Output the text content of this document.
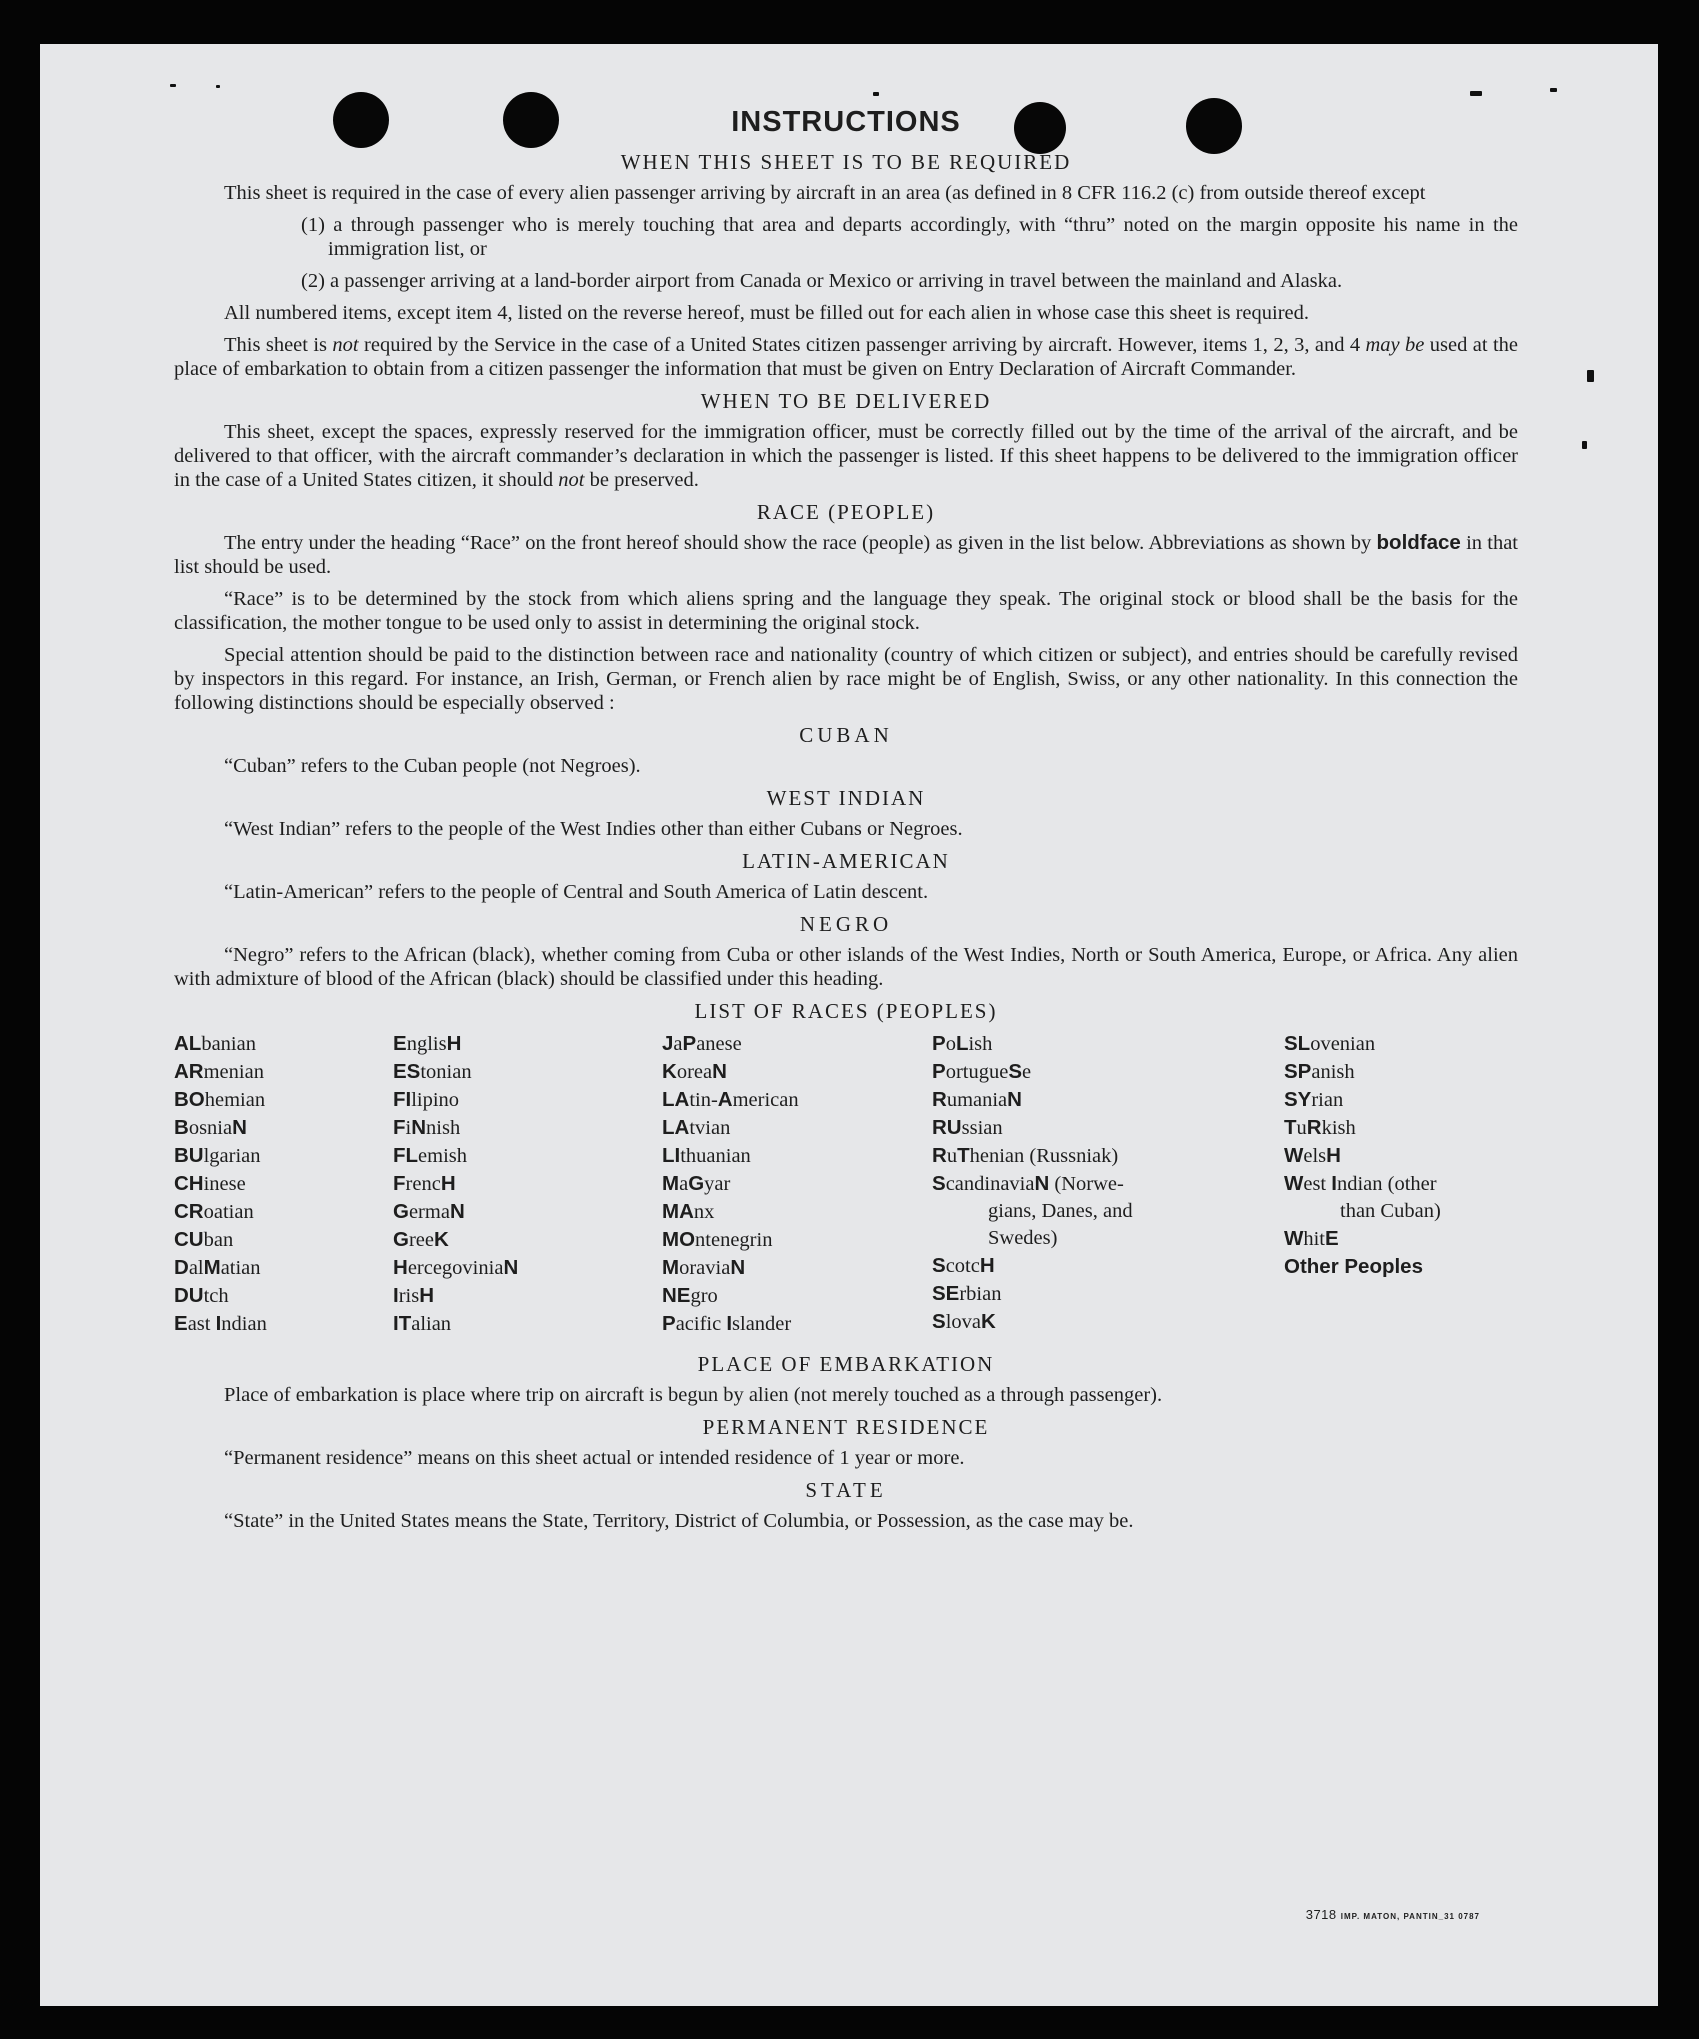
INSTRUCTIONS
WHEN THIS SHEET IS TO BE REQUIRED

This sheet is required in the case of every alien passenger arriving by aircraft in an area (as defined in 8 CFR 116.2 (c) from outside thereof except

(1) a through passenger who is merely touching that area and departs accordingly, with “thru” noted on the margin opposite his name in the immigration list, or

(2) a passenger arriving at a land-border airport from Canada or Mexico or arriving in travel between the mainland and Alaska.

All numbered items, except item 4, listed on the reverse hereof, must be filled out for each alien in whose case this sheet is required.

This sheet is not required by the Service in the case of a United States citizen passenger arriving by aircraft. However, items 1, 2, 3, and 4 may be used at the place of embarkation to obtain from a citizen passenger the information that must be given on Entry Declaration of Aircraft Commander.

WHEN TO BE DELIVERED

This sheet, except the spaces, expressly reserved for the immigration officer, must be correctly filled out by the time of the arrival of the aircraft, and be delivered to that officer, with the aircraft commander’s declaration in which the passenger is listed. If this sheet happens to be delivered to the immigration officer in the case of a United States citizen, it should not be preserved.

RACE (PEOPLE)

The entry under the heading “Race” on the front hereof should show the race (people) as given in the list below. Abbreviations as shown by boldface in that list should be used.

“Race” is to be determined by the stock from which aliens spring and the language they speak. The original stock or blood shall be the basis for the classification, the mother tongue to be used only to assist in determining the original stock.

Special attention should be paid to the distinction between race and nationality (country of which citizen or subject), and entries should be carefully revised by inspectors in this regard. For instance, an Irish, German, or French alien by race might be of English, Swiss, or any other nationality. In this connection the following distinctions should be especially observed :

CUBAN

“Cuban” refers to the Cuban people (not Negroes).

WEST INDIAN

“West Indian” refers to the people of the West Indies other than either Cubans or Negroes.

LATIN-AMERICAN

“Latin-American” refers to the people of Central and South America of Latin descent.

NEGRO

“Negro” refers to the African (black), whether coming from Cuba or other islands of the West Indies, North or South America, Europe, or Africa. Any alien with admixture of blood of the African (black) should be classified under this heading.

LIST OF RACES (PEOPLES)
ALbanian
ARmenian
BOhemian
BosniaN
BUlgarian
CHinese
CRoatian
CUban
DalMatian
DUtch
East Indian
EnglisH
EStonian
FIlipino
FiNnish
FLemish
FrencH
GermaN
GreeK
HercegoviniaN
IrisH
ITalian
JaPanese
KoreaN
LAtin-American
LAtvian
LIthuanian
MaGyar
MAnx
MOntenegrin
MoraviaN
NEgro
Pacific Islander
PoLish
PortugueSe
RumaniaN
RUssian
RuThenian (Russniak)
ScandinaviaN (Norwe-
gians, Danes, and
Swedes)
ScotcH
SErbian
SlovaK
SLovenian
SPanish
SYrian
TuRkish
WelsH
West Indian (other
than Cuban)
WhitE
Other Peoples
PLACE OF EMBARKATION

Place of embarkation is place where trip on aircraft is begun by alien (not merely touched as a through passenger).

PERMANENT RESIDENCE

“Permanent residence” means on this sheet actual or intended residence of 1 year or more.

STATE

“State” in the United States means the State, Territory, District of Columbia, or Possession, as the case may be.

3718 IMP. MATON, PANTIN_31 0787
